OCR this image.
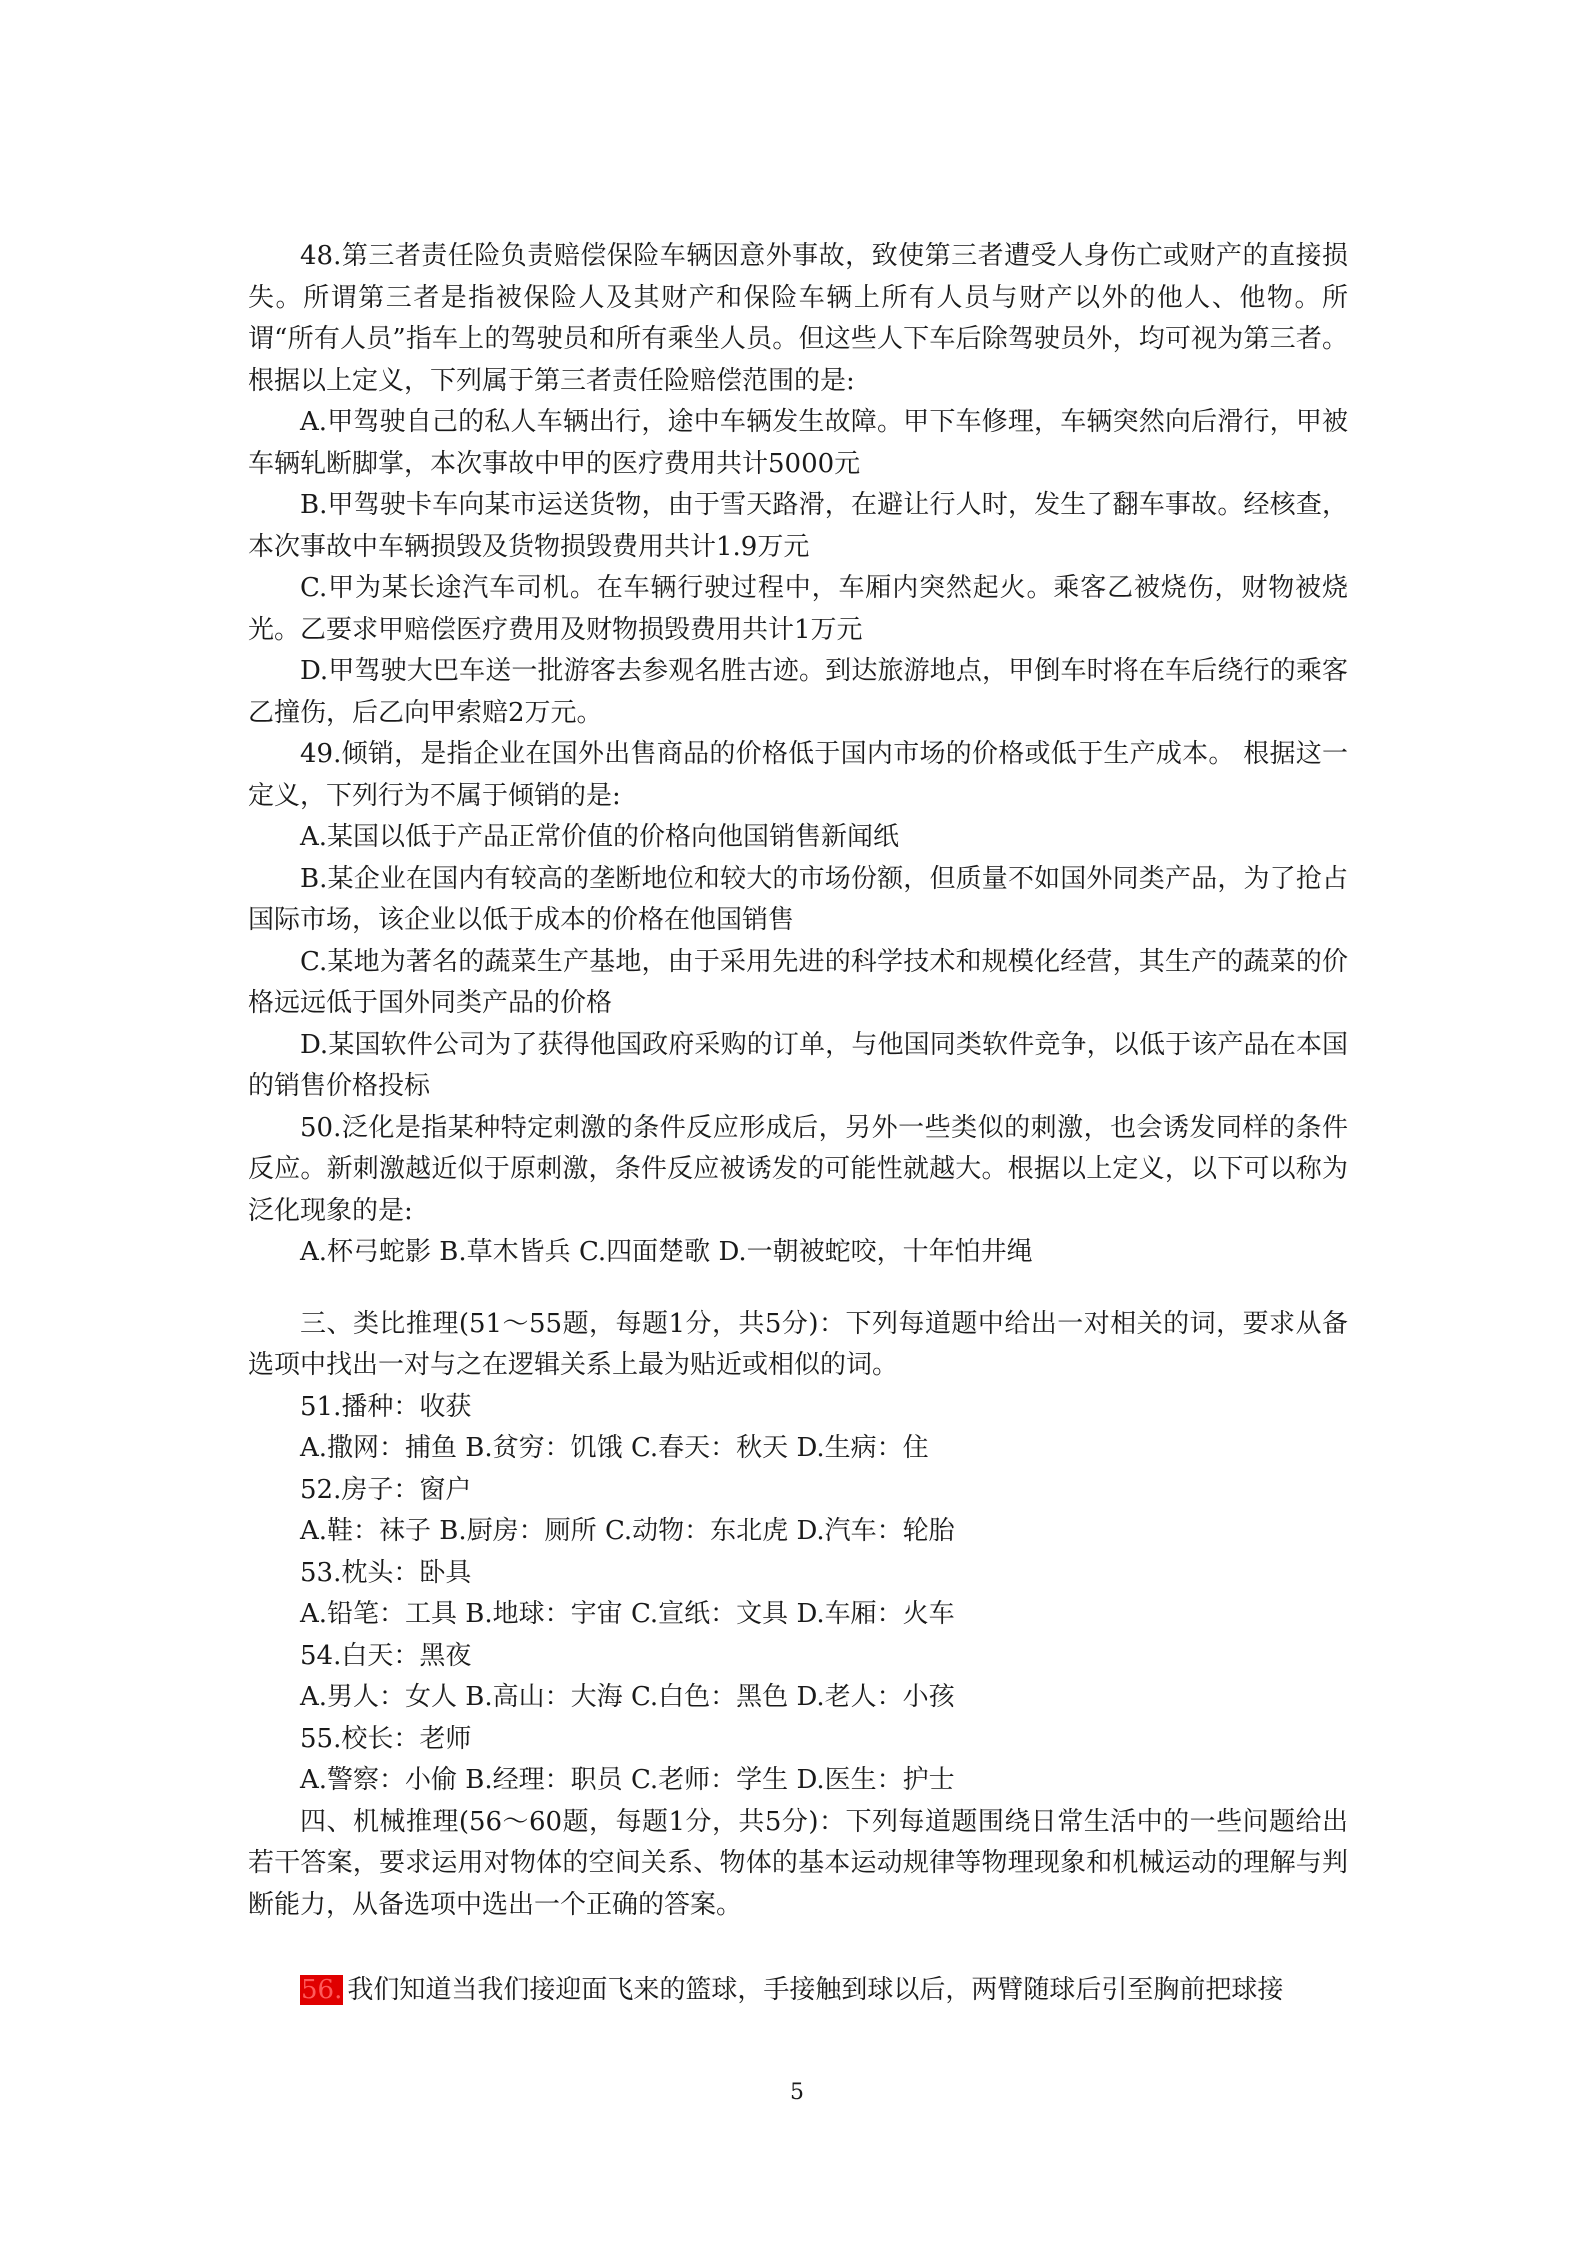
48.第三者责任险负责赔偿保险车辆因意外事故，致使第三者遭受人身伤亡或财产的直接损失。所谓第三者是指被保险人及其财产和保险车辆上所有人员与财产以外的他人、他物。所谓“所有人员”指车上的驾驶员和所有乘坐人员。但这些人下车后除驾驶员外，均可视为第三者。根据以上定义，下列属于第三者责任险赔偿范围的是:

A.甲驾驶自己的私人车辆出行，途中车辆发生故障。甲下车修理，车辆突然向后滑行，甲被车辆轧断脚掌，本次事故中甲的医疗费用共计5000元

B.甲驾驶卡车向某市运送货物，由于雪天路滑，在避让行人时，发生了翻车事故。经核查，本次事故中车辆损毁及货物损毁费用共计1.9万元

C.甲为某长途汽车司机。在车辆行驶过程中，车厢内突然起火。乘客乙被烧伤，财物被烧光。乙要求甲赔偿医疗费用及财物损毁费用共计1万元

D.甲驾驶大巴车送一批游客去参观名胜古迹。到达旅游地点，甲倒车时将在车后绕行的乘客乙撞伤，后乙向甲索赔2万元。

49.倾销，是指企业在国外出售商品的价格低于国内市场的价格或低于生产成本。 根据这一定义，下列行为不属于倾销的是:

A.某国以低于产品正常价值的价格向他国销售新闻纸

B.某企业在国内有较高的垄断地位和较大的市场份额，但质量不如国外同类产品，为了抢占国际市场，该企业以低于成本的价格在他国销售

C.某地为著名的蔬菜生产基地，由于采用先进的科学技术和规模化经营，其生产的蔬菜的价格远远低于国外同类产品的价格

D.某国软件公司为了获得他国政府采购的订单，与他国同类软件竞争，以低于该产品在本国的销售价格投标

50.泛化是指某种特定刺激的条件反应形成后，另外一些类似的刺激，也会诱发同样的条件反应。新刺激越近似于原刺激，条件反应被诱发的可能性就越大。根据以上定义，以下可以称为泛化现象的是:

A.杯弓蛇影 B.草木皆兵 C.四面楚歌 D.一朝被蛇咬，十年怕井绳

三、类比推理(51～55题，每题1分，共5分)：下列每道题中给出一对相关的词，要求从备选项中找出一对与之在逻辑关系上最为贴近或相似的词。

51.播种：收获

A.撒网：捕鱼 B.贫穷：饥饿 C.春天：秋天 D.生病：住

52.房子：窗户

A.鞋：袜子 B.厨房：厕所 C.动物：东北虎 D.汽车：轮胎

53.枕头：卧具

A.铅笔：工具 B.地球：宇宙 C.宣纸：文具 D.车厢：火车

54.白天：黑夜

A.男人：女人 B.高山：大海 C.白色：黑色 D.老人：小孩

55.校长：老师

A.警察：小偷 B.经理：职员 C.老师：学生 D.医生：护士

四、机械推理(56～60题，每题1分，共5分)：下列每道题围绕日常生活中的一些问题给出若干答案，要求运用对物体的空间关系、物体的基本运动规律等物理现象和机械运动的理解与判断能力，从备选项中选出一个正确的答案。

56. 我们知道当我们接迎面飞来的篮球，手接触到球以后，两臂随球后引至胸前把球接

5
